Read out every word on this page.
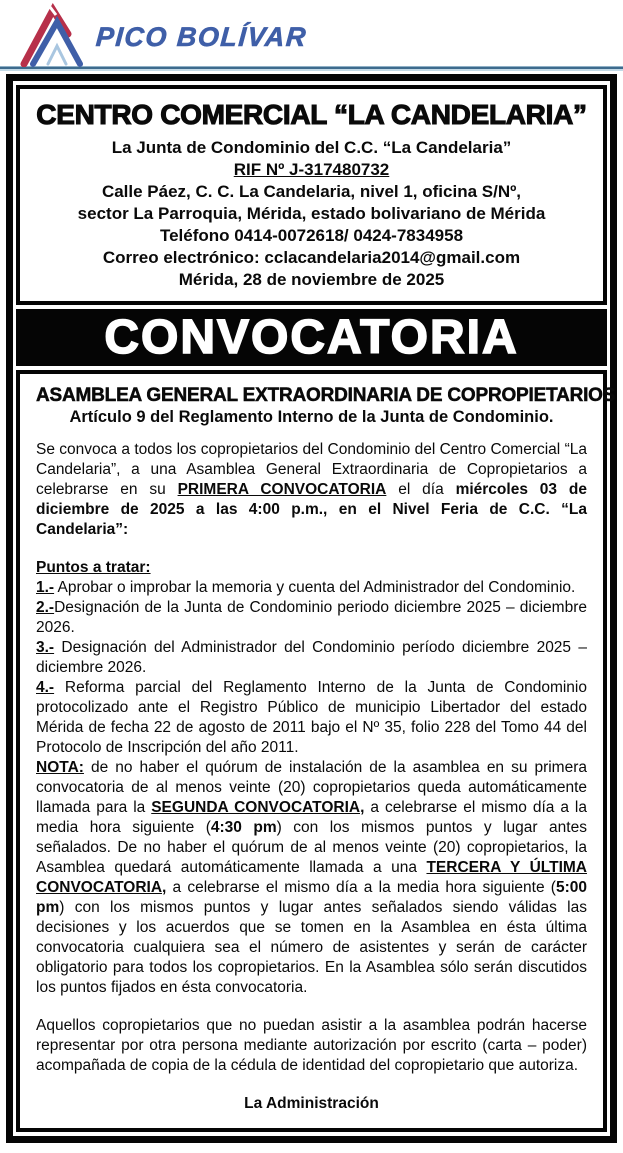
PICO BOLÍVAR
CENTRO COMERCIAL “LA CANDELARIA”
La Junta de Condominio del C.C. “La Candelaria”
RIF Nº J-317480732
Calle Páez, C. C. La Candelaria, nivel 1, oficina S/Nº,
sector La Parroquia, Mérida, estado bolivariano de Mérida
Teléfono 0414-0072618/ 0424-7834958
Correo electrónico: cclacandelaria2014@gmail.com
Mérida, 28 de noviembre de 2025
CONVOCATORIA
ASAMBLEA GENERAL EXTRAORDINARIA DE COPROPIETARIOS
Artículo 9 del Reglamento Interno de la Junta de Condominio.

Se convoca a todos los copropietarios del Condominio del Centro Comercial “La Candelaria”, a una Asamblea General Extraordinaria de Copropietarios a celebrarse en su PRIMERA CONVOCATORIA el día miércoles 03 de diciembre de 2025 a las 4:00 p.m., en el Nivel Feria de C.C. “La Candelaria”:

Puntos a tratar:

1.- Aprobar o improbar la memoria y cuenta del Administrador del Condominio.

2.-Designación de la Junta de Condominio periodo diciembre 2025 – diciembre 2026.

3.- Designación del Administrador del Condominio período diciembre 2025 – diciembre 2026.

4.- Reforma parcial del Reglamento Interno de la Junta de Condominio protocolizado ante el Registro Público de municipio Libertador del estado Mérida de fecha 22 de agosto de 2011 bajo el Nº 35, folio 228 del Tomo 44 del Protocolo de Inscripción del año 2011.

NOTA: de no haber el quórum de instalación de la asamblea en su primera convocatoria de al menos veinte (20) copropietarios queda automáticamente llamada para la SEGUNDA CONVOCATORIA, a celebrarse el mismo día a la media hora siguiente (4:30 pm) con los mismos puntos y lugar antes señalados. De no haber el quórum de al menos veinte (20) copropietarios, la Asamblea quedará automáticamente llamada a una TERCERA Y ÚLTIMA CONVOCATORIA, a celebrarse el mismo día a la media hora siguiente (5:00 pm) con los mismos puntos y lugar antes señalados siendo válidas las decisiones y los acuerdos que se tomen en la Asamblea en ésta última convocatoria cualquiera sea el número de asistentes y serán de carácter obligatorio para todos los copropietarios. En la Asamblea sólo serán discutidos los puntos fijados en ésta convocatoria.

Aquellos copropietarios que no puedan asistir a la asamblea podrán hacerse representar por otra persona mediante autorización por escrito (carta – poder) acompañada de copia de la cédula de identidad del copropietario que autoriza.

La Administración
